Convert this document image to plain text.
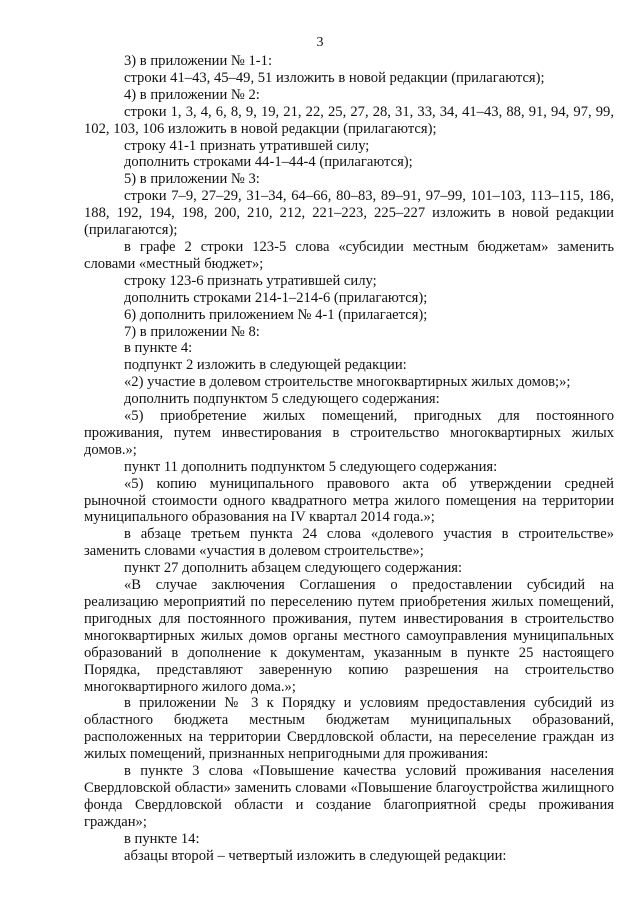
3

3) в приложении № 1-1:

строки 41–43, 45–49, 51 изложить в новой редакции (прилагаются);

4) в приложении № 2:

строки 1, 3, 4, 6, 8, 9, 19, 21, 22, 25, 27, 28, 31, 33, 34, 41–43, 88, 91, 94, 97, 99, 102, 103, 106 изложить в новой редакции (прилагаются);

строку 41-1 признать утратившей силу;

дополнить строками 44-1–44-4 (прилагаются);

5) в приложении № 3:

строки 7–9, 27–29, 31–34, 64–66, 80–83, 89–91, 97–99, 101–103, 113–115, 186, 188, 192, 194, 198, 200, 210, 212, 221–223, 225–227 изложить в новой редакции (прилагаются);

в графе 2 строки 123-5 слова «субсидии местным бюджетам» заменить словами «местный бюджет»;

строку 123-6 признать утратившей силу;

дополнить строками 214-1–214-6 (прилагаются);

6) дополнить приложением № 4-1 (прилагается);

7) в приложении № 8:

в пункте 4:

подпункт 2 изложить в следующей редакции:

«2) участие в долевом строительстве многоквартирных жилых домов;»;

дополнить подпунктом 5 следующего содержания:

«5) приобретение жилых помещений, пригодных для постоянного проживания, путем инвестирования в строительство многоквартирных жилых домов.»;

пункт 11 дополнить подпунктом 5 следующего содержания:

«5) копию муниципального правового акта об утверждении средней рыночной стоимости одного квадратного метра жилого помещения на территории муниципального образования на IV квартал 2014 года.»;

в абзаце третьем пункта 24 слова «долевого участия в строительстве» заменить словами «участия в долевом строительстве»;

пункт 27 дополнить абзацем следующего содержания:

«В случае заключения Соглашения о предоставлении субсидий на реализацию мероприятий по переселению путем приобретения жилых помещений, пригодных для постоянного проживания, путем инвестирования в строительство многоквартирных жилых домов органы местного самоуправления муниципальных образований в дополнение к документам, указанным в пункте 25 настоящего Порядка, представляют заверенную копию разрешения на строительство многоквартирного жилого дома.»;

в приложении № 3 к Порядку и условиям предоставления субсидий из областного бюджета местным бюджетам муниципальных образований, расположенных на территории Свердловской области, на переселение граждан из жилых помещений, признанных непригодными для проживания:

в пункте 3 слова «Повышение качества условий проживания населения Свердловской области» заменить словами «Повышение благоустройства жилищного фонда Свердловской области и создание благоприятной среды проживания граждан»;

в пункте 14:

абзацы второй – четвертый изложить в следующей редакции:
